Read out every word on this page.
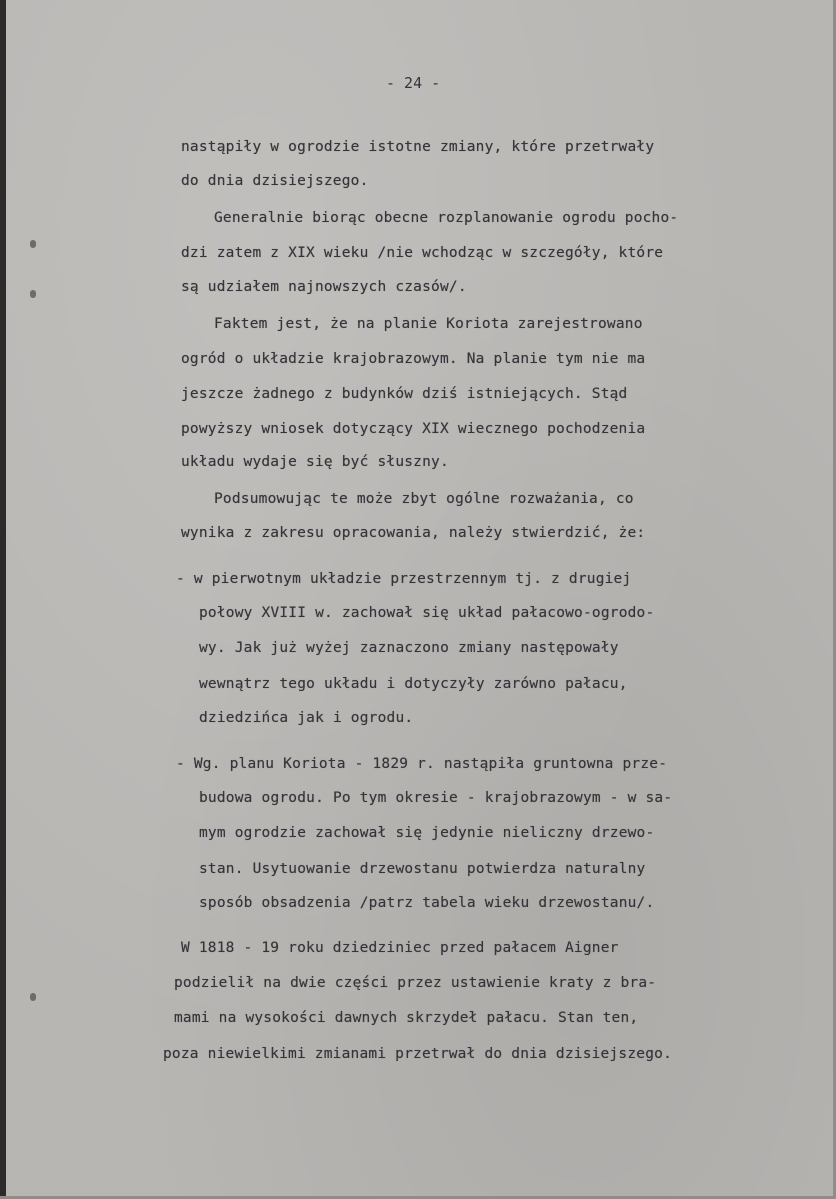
- 24 -
nastąpiły w ogrodzie istotne zmiany, które przetrwały
do dnia dzisiejszego.
Generalnie biorąc obecne rozplanowanie ogrodu pocho-
dzi zatem z XIX wieku /nie wchodząc w szczegóły, które
są udziałem najnowszych czasów/.
Faktem jest, że na planie Koriota zarejestrowano
ogród o układzie krajobrazowym. Na planie tym nie ma
jeszcze żadnego z budynków dziś istniejących. Stąd
powyższy wniosek dotyczący XIX wiecznego pochodzenia
układu wydaje się być słuszny.
Podsumowując te może zbyt ogólne rozważania, co
wynika z zakresu opracowania, należy stwierdzić, że:
- w pierwotnym układzie przestrzennym tj. z drugiej
połowy XVIII w. zachował się układ pałacowo-ogrodo-
wy. Jak już wyżej zaznaczono zmiany następowały
wewnątrz tego układu i dotyczyły zarówno pałacu,
dziedzińca jak i ogrodu.
- Wg. planu Koriota - 1829 r. nastąpiła gruntowna prze-
budowa ogrodu. Po tym okresie - krajobrazowym - w sa-
mym ogrodzie zachował się jedynie nieliczny drzewo-
stan. Usytuowanie drzewostanu potwierdza naturalny
sposób obsadzenia /patrz tabela wieku drzewostanu/.
W 1818 - 19 roku dziedziniec przed pałacem Aigner
podzielił na dwie części przez ustawienie kraty z bra-
mami na wysokości dawnych skrzydeł pałacu. Stan ten,
poza niewielkimi zmianami przetrwał do dnia dzisiejszego.
